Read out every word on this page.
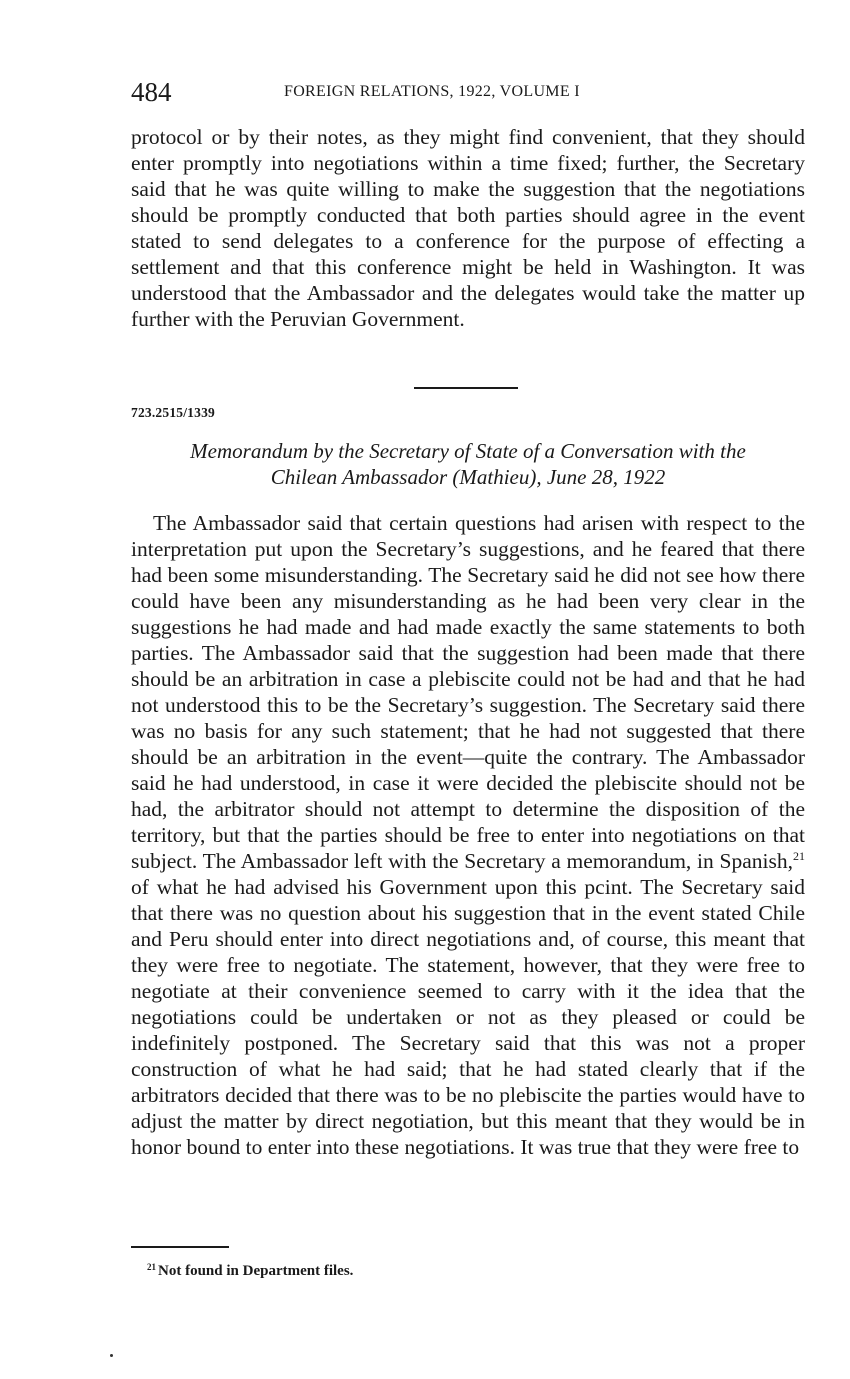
484	FOREIGN RELATIONS, 1922, VOLUME I

protocol or by their notes, as they might find convenient, that they should enter promptly into negotiations within a time fixed; further, the Secretary said that he was quite willing to make the suggestion that the negotiations should be promptly conducted that both parties should agree in the event stated to send delegates to a conference for the purpose of effecting a settlement and that this conference might be held in Washington. It was understood that the Ambassador and the delegates would take the matter up further with the Peruvian Government.

723.2515/1339
Memorandum by the Secretary of State of a Conversation with the
Chilean Ambassador (Mathieu), June 28, 1922

The Ambassador said that certain questions had arisen with respect to the interpretation put upon the Secretary’s suggestions, and he feared that there had been some misunderstanding. The Secretary said he did not see how there could have been any misunderstanding as he had been very clear in the suggestions he had made and had made exactly the same statements to both parties. The Ambassador said that the suggestion had been made that there should be an arbitration in case a plebiscite could not be had and that he had not understood this to be the Secretary’s suggestion. The Secretary said there was no basis for any such statement; that he had not suggested that there should be an arbitration in the event—quite the contrary. The Ambassador said he had understood, in case it were decided the plebiscite should not be had, the arbitrator should not attempt to determine the disposition of the territory, but that the parties should be free to enter into negotiations on that subject. The Ambassador left with the Secretary a memorandum, in Spanish,$^{21}$ of what he had advised his Government upon this pcint. The Secretary said that there was no question about his suggestion that in the event stated Chile and Peru should enter into direct negotiations and, of course, this meant that they were free to negotiate. The statement, however, that they were free to negotiate at their convenience seemed to carry with it the idea that the negotiations could be undertaken or not as they pleased or could be indefinitely postponed. The Secretary said that this was not a proper construction of what he had said; that he had stated clearly that if the arbitrators decided that there was to be no plebiscite the parties would have to adjust the matter by direct negotiation, but this meant that they would be in honor bound to enter into these negotiations. It was true that they were free to

$^{21}$ Not found in Department files.
